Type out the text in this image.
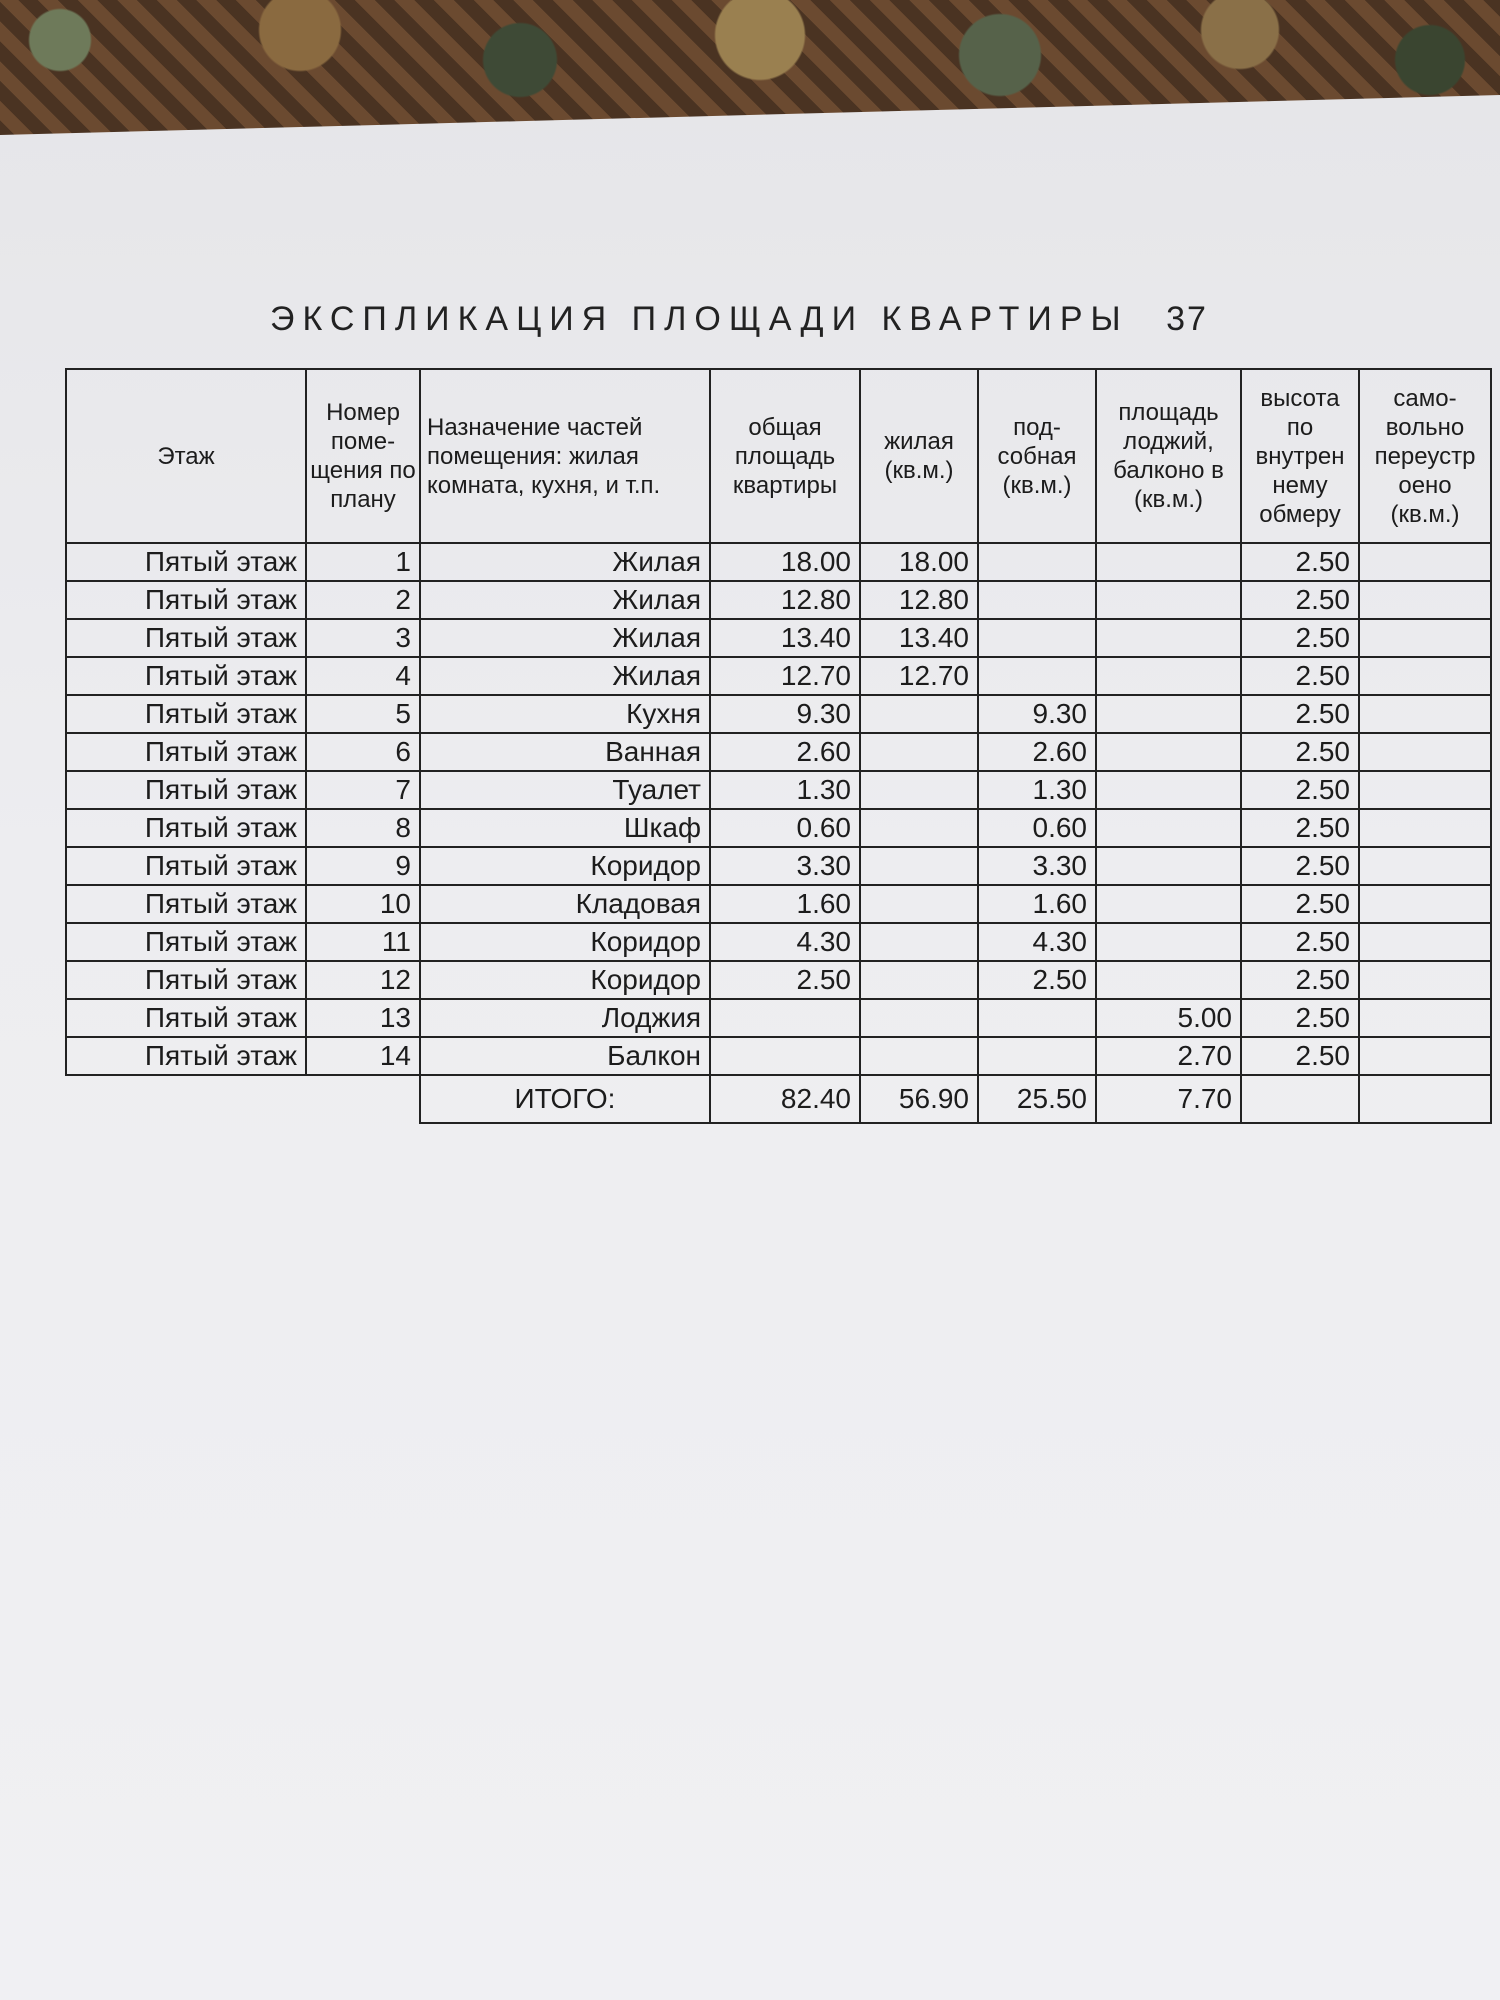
ЭКСПЛИКАЦИЯ ПЛОЩАДИ КВАРТИРЫ 37
Этаж	Номер поме-щения по плану	Назначение частей помещения: жилая комната, кухня, и т.п.	общая площадь квартиры	жилая (кв.м.)	под-собная (кв.м.)	площадь лоджий, балконо в (кв.м.)	высота по внутрен нему обмеру	само-вольно переустр оено (кв.м.)
Пятый этаж	1	Жилая	18.00	18.00			2.50	
Пятый этаж	2	Жилая	12.80	12.80			2.50	
Пятый этаж	3	Жилая	13.40	13.40			2.50	
Пятый этаж	4	Жилая	12.70	12.70			2.50	
Пятый этаж	5	Кухня	9.30		9.30		2.50	
Пятый этаж	6	Ванная	2.60		2.60		2.50	
Пятый этаж	7	Туалет	1.30		1.30		2.50	
Пятый этаж	8	Шкаф	0.60		0.60		2.50	
Пятый этаж	9	Коридор	3.30		3.30		2.50	
Пятый этаж	10	Кладовая	1.60		1.60		2.50	
Пятый этаж	11	Коридор	4.30		4.30		2.50	
Пятый этаж	12	Коридор	2.50		2.50		2.50	
Пятый этаж	13	Лоджия				5.00	2.50	
Пятый этаж	14	Балкон				2.70	2.50	
		ИТОГО:	82.40	56.90	25.50	7.70		
